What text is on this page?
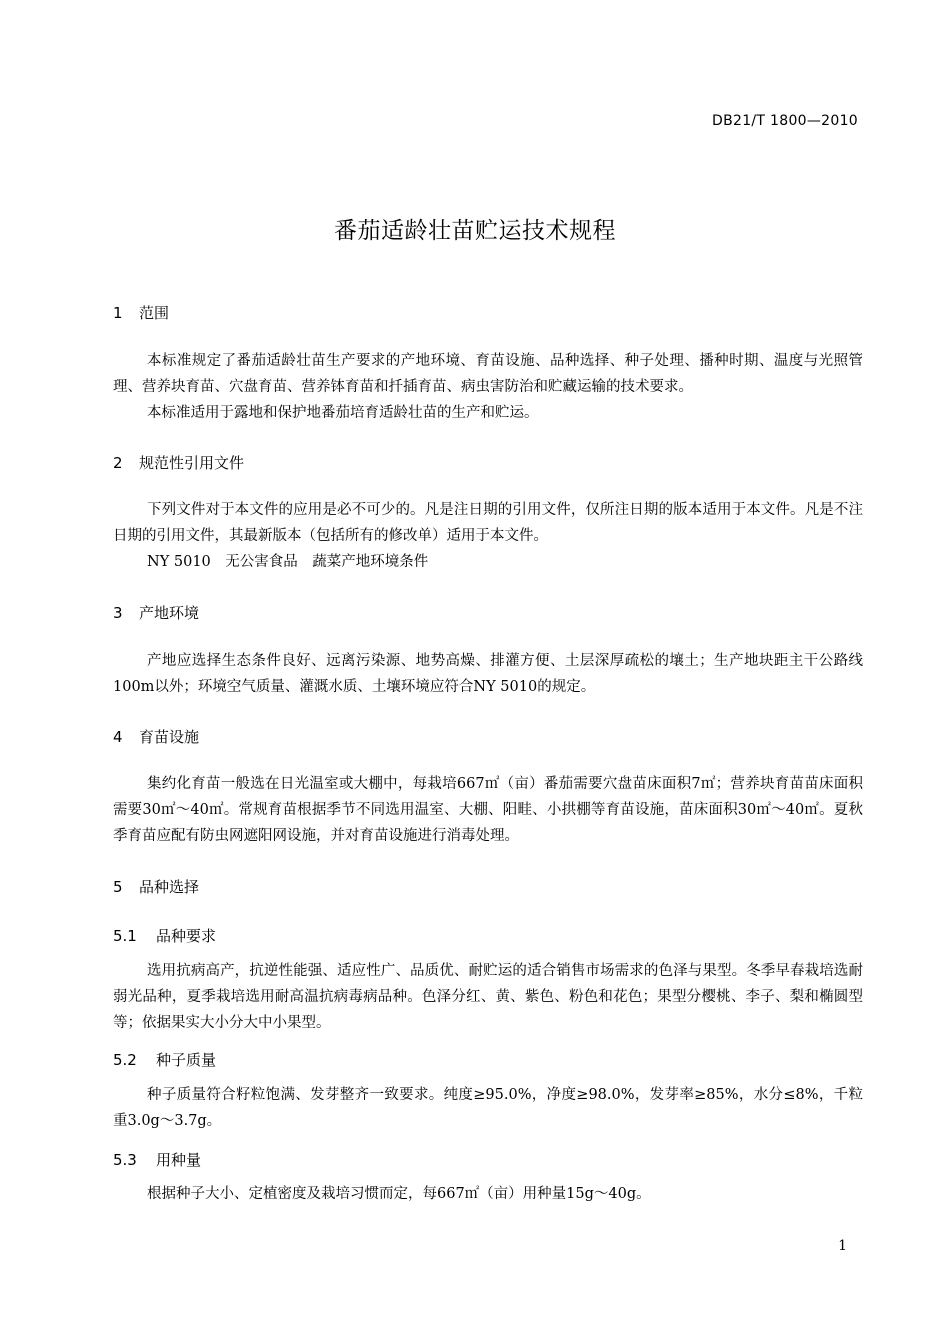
DB21/T 1800—2010
番茄适龄壮苗贮运技术规程
1 范围
本标准规定了番茄适龄壮苗生产要求的产地环境、育苗设施、品种选择、种子处理、播种时期、温度与光照管理、营养块育苗、穴盘育苗、营养钵育苗和扦插育苗、病虫害防治和贮藏运输的技术要求。
本标准适用于露地和保护地番茄培育适龄壮苗的生产和贮运。
2 规范性引用文件
下列文件对于本文件的应用是必不可少的。凡是注日期的引用文件，仅所注日期的版本适用于本文件。凡是不注日期的引用文件，其最新版本（包括所有的修改单）适用于本文件。
NY 5010　无公害食品　蔬菜产地环境条件
3 产地环境
产地应选择生态条件良好、远离污染源、地势高燥、排灌方便、土层深厚疏松的壤土；生产地块距主干公路线100m以外；环境空气质量、灌溉水质、土壤环境应符合NY 5010的规定。
4 育苗设施
集约化育苗一般选在日光温室或大棚中，每栽培667㎡（亩）番茄需要穴盘苗床面积7㎡；营养块育苗苗床面积需要30㎡～40㎡。常规育苗根据季节不同选用温室、大棚、阳畦、小拱棚等育苗设施，苗床面积30㎡～40㎡。夏秋季育苗应配有防虫网遮阳网设施，并对育苗设施进行消毒处理。
5 品种选择
5.1 品种要求
选用抗病高产，抗逆性能强、适应性广、品质优、耐贮运的适合销售市场需求的色泽与果型。冬季早春栽培选耐弱光品种，夏季栽培选用耐高温抗病毒病品种。色泽分红、黄、紫色、粉色和花色；果型分樱桃、李子、梨和椭圆型等；依据果实大小分大中小果型。
5.2 种子质量
种子质量符合籽粒饱满、发芽整齐一致要求。纯度≥95.0%，净度≥98.0%，发芽率≥85%，水分≤8%，千粒重3.0g～3.7g。
5.3 用种量
根据种子大小、定植密度及栽培习惯而定，每667㎡（亩）用种量15g～40g。
1
